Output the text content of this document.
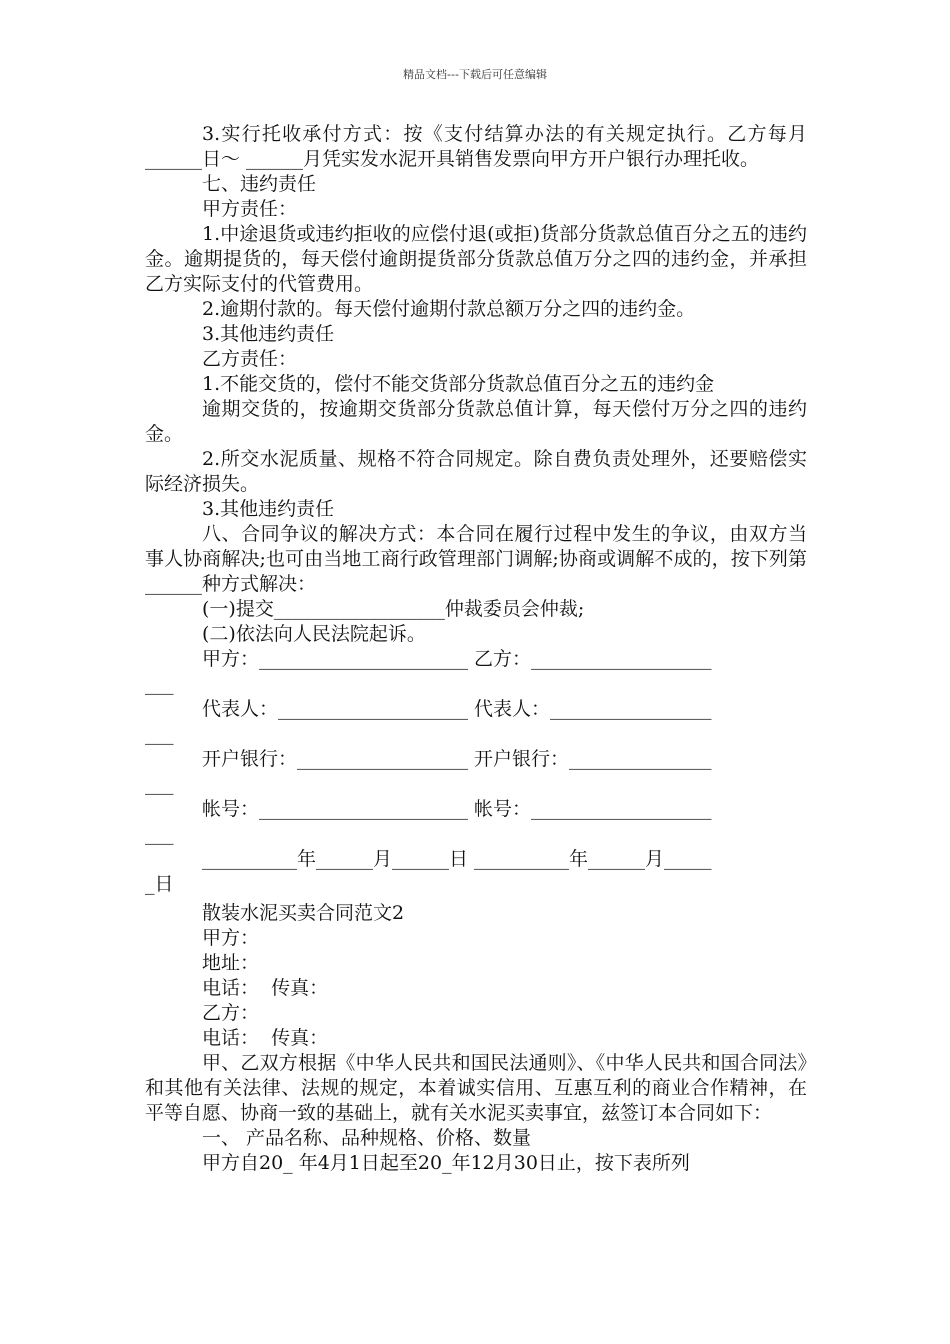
精品文档---下载后可任意编辑

3.实行托收承付方式：按《支付结算办法的有关规定执行。乙方每月______日～ ______月凭实发水泥开具销售发票向甲方开户银行办理托收。

七、违约责任

甲方责任：

1.中途退货或违约拒收的应偿付退(或拒)货部分货款总值百分之五的违约金。逾期提货的，每天偿付逾朗提货部分货款总值万分之四的违约金，并承担乙方实际支付的代管费用。

2.逾期付款的。每天偿付逾期付款总额万分之四的违约金。

3.其他违约责任

乙方责任：

1.不能交货的，偿付不能交货部分货款总值百分之五的违约金

逾期交货的，按逾期交货部分货款总值计算，每天偿付万分之四的违约金。

2.所交水泥质量、规格不符合同规定。除自费负责处理外，还要赔偿实际经济损失。

3.其他违约责任

八、合同争议的解决方式：本合同在履行过程中发生的争议，由双方当事人协商解决;也可由当地工商行政管理部门调解;协商或调解不成的，按下列第______种方式解决：

(一)提交__________________仲裁委员会仲裁;

(二)依法向人民法院起诉。

甲方：______________________ 乙方：___________________

___

代表人：____________________ 代表人：_________________

___

开户银行：__________________ 开户银行：_______________

___

帐号：______________________ 帐号：___________________

___

__________年______月______日 __________年______月_____

_日

散装水泥买卖合同范文2

甲方：

地址：

电话：  传真：

乙方：

电话：  传真：

甲、乙双方根据《中华人民共和国民法通则》、《中华人民共和国合同法》和其他有关法律、法规的规定，本着诚实信用、互惠互利的商业合作精神，在平等自愿、协商一致的基础上，就有关水泥买卖事宜，兹签订本合同如下：

一、 产品名称、品种规格、价格、数量

甲方自20_ 年4月1日起至20_年12月30日止，按下表所列
